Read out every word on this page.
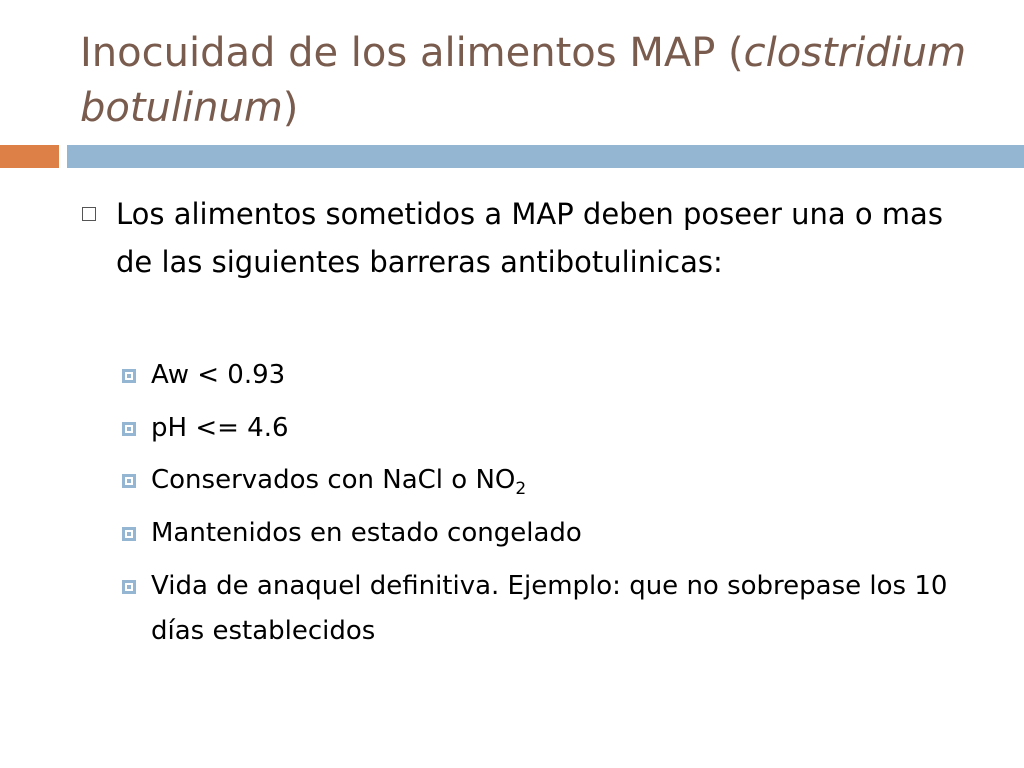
Inocuidad de los alimentos MAP (clostridium botulinum)
Los alimentos sometidos a MAP deben poseer una o mas de las siguientes barreras antibotulinicas:
Aw < 0.93
pH <= 4.6
Conservados con NaCl o $NO_2$
Mantenidos en estado congelado
Vida de anaquel definitiva. Ejemplo: que no sobrepase los 10 días establecidos
